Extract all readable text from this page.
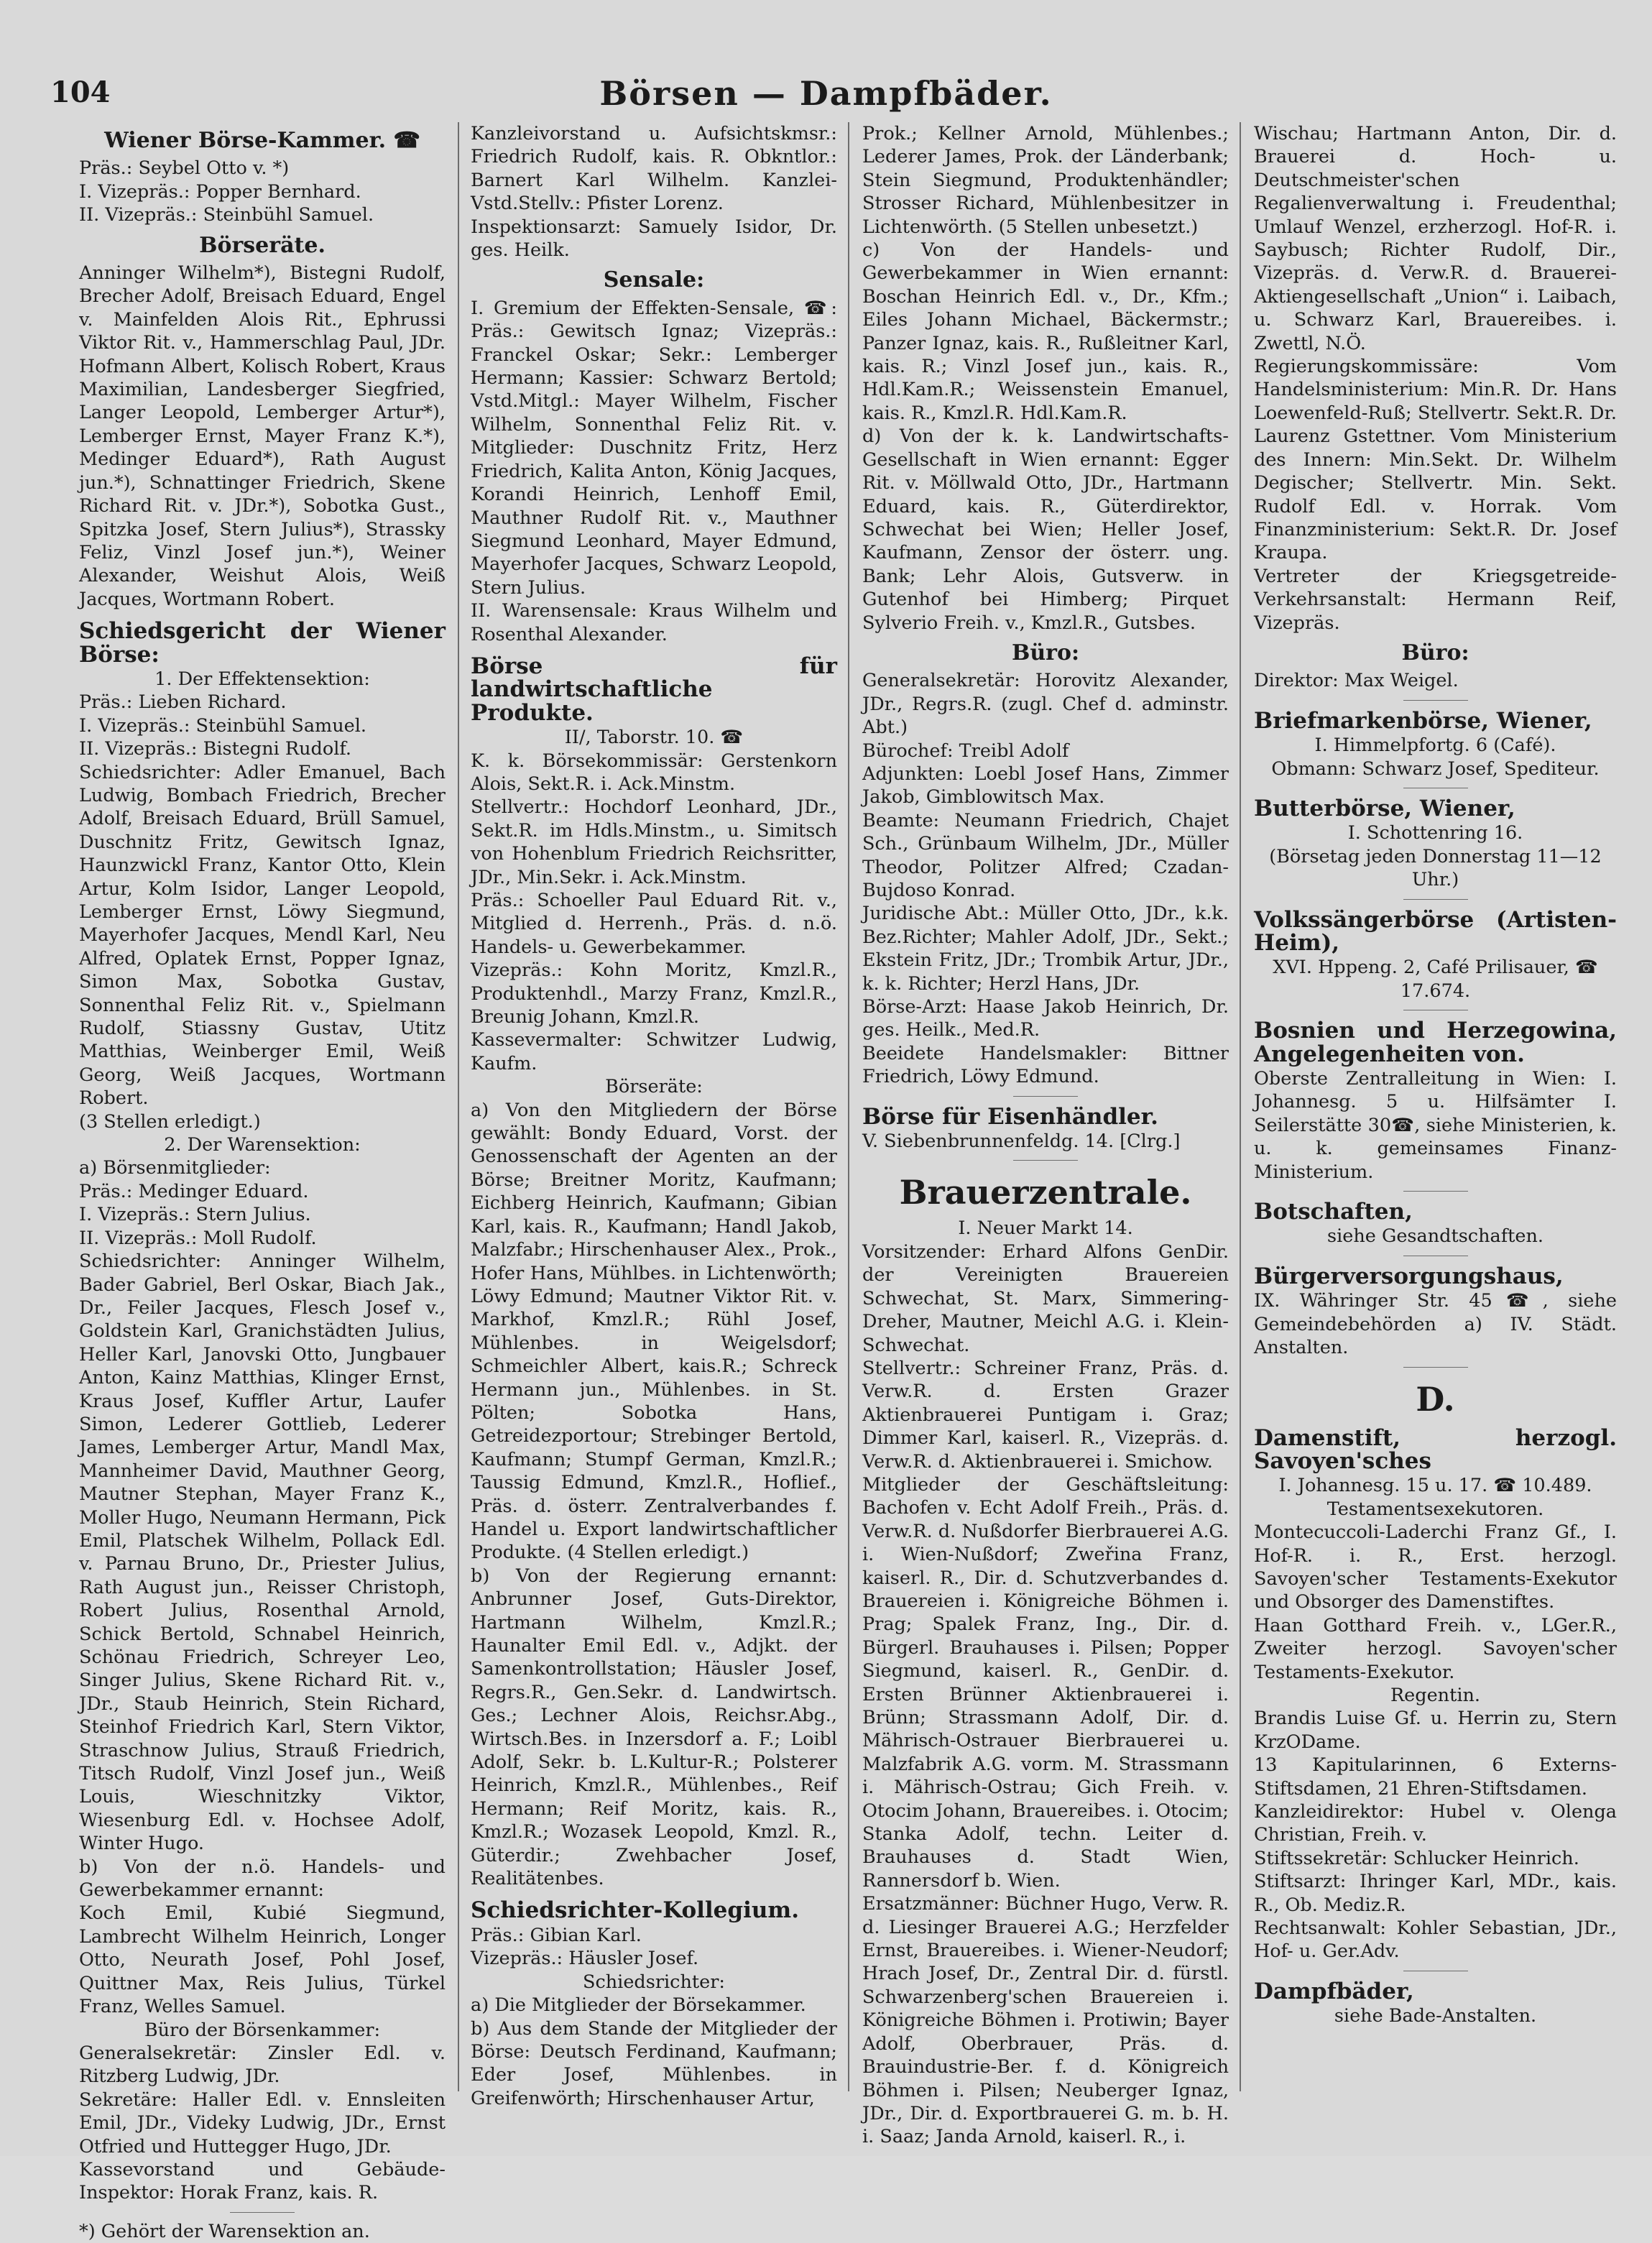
104	Börsen — Dampfbäder.

Wiener Börse-Kammer. ☎

Präs.: Seybel Otto v. *)

I. Vizepräs.: Popper Bernhard.

II. Vizepräs.: Steinbühl Samuel.

Börseräte.

Anninger Wilhelm*), Bistegni Rudolf, Brecher Adolf, Breisach Eduard, Engel v. Mainfelden Alois Rit., Ephrussi Viktor Rit. v., Hammerschlag Paul, JDr. Hofmann Albert, Kolisch Robert, Kraus Maximilian, Landesberger Siegfried, Langer Leopold, Lemberger Artur*), Lemberger Ernst, Mayer Franz K.*), Medinger Eduard*), Rath August jun.*), Schnattinger Friedrich, Skene Richard Rit. v. JDr.*), Sobotka Gust., Spitzka Josef, Stern Julius*), Strassky Feliz, Vinzl Josef jun.*), Weiner Alexander, Weishut Alois, Weiß Jacques, Wortmann Robert.

Schiedsgericht der Wiener Börse:

1. Der Effektensektion:

Präs.: Lieben Richard.

I. Vizepräs.: Steinbühl Samuel.

II. Vizepräs.: Bistegni Rudolf.

Schiedsrichter: Adler Emanuel, Bach Ludwig, Bombach Friedrich, Brecher Adolf, Breisach Eduard, Brüll Samuel, Duschnitz Fritz, Gewitsch Ignaz, Haunzwickl Franz, Kantor Otto, Klein Artur, Kolm Isidor, Langer Leopold, Lemberger Ernst, Löwy Siegmund, Mayerhofer Jacques, Mendl Karl, Neu Alfred, Oplatek Ernst, Popper Ignaz, Simon Max, Sobotka Gustav, Sonnenthal Feliz Rit. v., Spielmann Rudolf, Stiassny Gustav, Utitz Matthias, Weinberger Emil, Weiß Georg, Weiß Jacques, Wortmann Robert.

(3 Stellen erledigt.)

2. Der Warensektion:

a) Börsenmitglieder:

Präs.: Medinger Eduard.

I. Vizepräs.: Stern Julius.

II. Vizepräs.: Moll Rudolf.

Schiedsrichter: Anninger Wilhelm, Bader Gabriel, Berl Oskar, Biach Jak., Dr., Feiler Jacques, Flesch Josef v., Goldstein Karl, Granichstädten Julius, Heller Karl, Janovski Otto, Jungbauer Anton, Kainz Matthias, Klinger Ernst, Kraus Josef, Kuffler Artur, Laufer Simon, Lederer Gottlieb, Lederer James, Lemberger Artur, Mandl Max, Mannheimer David, Mauthner Georg, Mautner Stephan, Mayer Franz K., Moller Hugo, Neumann Hermann, Pick Emil, Platschek Wilhelm, Pollack Edl. v. Parnau Bruno, Dr., Priester Julius, Rath August jun., Reisser Christoph, Robert Julius, Rosenthal Arnold, Schick Bertold, Schnabel Heinrich, Schönau Friedrich, Schreyer Leo, Singer Julius, Skene Richard Rit. v., JDr., Staub Heinrich, Stein Richard, Steinhof Friedrich Karl, Stern Viktor, Straschnow Julius, Strauß Friedrich, Titsch Rudolf, Vinzl Josef jun., Weiß Louis, Wieschnitzky Viktor, Wiesenburg Edl. v. Hochsee Adolf, Winter Hugo.

b) Von der n.ö. Handels- und Gewerbekammer ernannt:

Koch Emil, Kubié Siegmund, Lambrecht Wilhelm Heinrich, Longer Otto, Neurath Josef, Pohl Josef, Quittner Max, Reis Julius, Türkel Franz, Welles Samuel.

Büro der Börsenkammer:

Generalsekretär: Zinsler Edl. v. Ritzberg Ludwig, JDr.

Sekretäre: Haller Edl. v. Ennsleiten Emil, JDr., Videky Ludwig, JDr., Ernst Otfried und Huttegger Hugo, JDr.

Kassevorstand und Gebäude-Inspektor: Horak Franz, kais. R.

*) Gehört der Warensektion an.

Kanzleivorstand u. Aufsichtskmsr.: Friedrich Rudolf, kais. R. Obkntlor.: Barnert Karl Wilhelm. Kanzlei-Vstd.Stellv.: Pfister Lorenz.

Inspektionsarzt: Samuely Isidor, Dr. ges. Heilk.

Sensale:

I. Gremium der Effekten-Sensale, ☎: Präs.: Gewitsch Ignaz; Vizepräs.: Franckel Oskar; Sekr.: Lemberger Hermann; Kassier: Schwarz Bertold; Vstd.Mitgl.: Mayer Wilhelm, Fischer Wilhelm, Sonnenthal Feliz Rit. v. Mitglieder: Duschnitz Fritz, Herz Friedrich, Kalita Anton, König Jacques, Korandi Heinrich, Lenhoff Emil, Mauthner Rudolf Rit. v., Mauthner Siegmund Leonhard, Mayer Edmund, Mayerhofer Jacques, Schwarz Leopold, Stern Julius.

II. Warensensale: Kraus Wilhelm und Rosenthal Alexander.

Börse für landwirtschaftliche Produkte.

II/, Taborstr. 10. ☎

K. k. Börsekommissär: Gerstenkorn Alois, Sekt.R. i. Ack.Minstm.

Stellvertr.: Hochdorf Leonhard, JDr., Sekt.R. im Hdls.Minstm., u. Simitsch von Hohenblum Friedrich Reichsritter, JDr., Min.Sekr. i. Ack.Minstm.

Präs.: Schoeller Paul Eduard Rit. v., Mitglied d. Herrenh., Präs. d. n.ö. Handels- u. Gewerbekammer.

Vizepräs.: Kohn Moritz, Kmzl.R., Produktenhdl., Marzy Franz, Kmzl.R., Breunig Johann, Kmzl.R.

Kassevermalter: Schwitzer Ludwig, Kaufm.

Börseräte:

a) Von den Mitgliedern der Börse gewählt: Bondy Eduard, Vorst. der Genossenschaft der Agenten an der Börse; Breitner Moritz, Kaufmann; Eichberg Heinrich, Kaufmann; Gibian Karl, kais. R., Kaufmann; Handl Jakob, Malzfabr.; Hirschenhauser Alex., Prok., Hofer Hans, Mühlbes. in Lichtenwörth; Löwy Edmund; Mautner Viktor Rit. v. Markhof, Kmzl.R.; Rühl Josef, Mühlenbes. in Weigelsdorf; Schmeichler Albert, kais.R.; Schreck Hermann jun., Mühlenbes. in St. Pölten; Sobotka Hans, Getreidezportour; Strebinger Bertold, Kaufmann; Stumpf German, Kmzl.R.; Taussig Edmund, Kmzl.R., Hoflief., Präs. d. österr. Zentralverbandes f. Handel u. Export landwirtschaftlicher Produkte. (4 Stellen erledigt.)

b) Von der Regierung ernannt: Anbrunner Josef, Guts-Direktor, Hartmann Wilhelm, Kmzl.R.; Haunalter Emil Edl. v., Adjkt. der Samenkontrollstation; Häusler Josef, Regrs.R., Gen.Sekr. d. Landwirtsch. Ges.; Lechner Alois, Reichsr.Abg., Wirtsch.Bes. in Inzersdorf a. F.; Loibl Adolf, Sekr. b. L.Kultur-R.; Polsterer Heinrich, Kmzl.R., Mühlenbes., Reif Hermann; Reif Moritz, kais. R., Kmzl.R.; Wozasek Leopold, Kmzl. R., Güterdir.; Zwehbacher Josef, Realitätenbes.

Schiedsrichter-Kollegium.

Präs.: Gibian Karl.

Vizepräs.: Häusler Josef.

Schiedsrichter:

a) Die Mitglieder der Börsekammer.

b) Aus dem Stande der Mitglieder der Börse: Deutsch Ferdinand, Kaufmann; Eder Josef, Mühlenbes. in Greifenwörth; Hirschenhauser Artur,

Prok.; Kellner Arnold, Mühlenbes.; Lederer James, Prok. der Länderbank; Stein Siegmund, Produktenhändler; Strosser Richard, Mühlenbesitzer in Lichtenwörth. (5 Stellen unbesetzt.)

c) Von der Handels- und Gewerbekammer in Wien ernannt: Boschan Heinrich Edl. v., Dr., Kfm.; Eiles Johann Michael, Bäckermstr.; Panzer Ignaz, kais. R., Rußleitner Karl, kais. R.; Vinzl Josef jun., kais. R., Hdl.Kam.R.; Weissenstein Emanuel, kais. R., Kmzl.R. Hdl.Kam.R.

d) Von der k. k. Landwirtschafts-Gesellschaft in Wien ernannt: Egger Rit. v. Möllwald Otto, JDr., Hartmann Eduard, kais. R., Güterdirektor, Schwechat bei Wien; Heller Josef, Kaufmann, Zensor der österr. ung. Bank; Lehr Alois, Gutsverw. in Gutenhof bei Himberg; Pirquet Sylverio Freih. v., Kmzl.R., Gutsbes.

Büro:

Generalsekretär: Horovitz Alexander, JDr., Regrs.R. (zugl. Chef d. adminstr. Abt.)

Bürochef: Treibl Adolf

Adjunkten: Loebl Josef Hans, Zimmer Jakob, Gimblowitsch Max.

Beamte: Neumann Friedrich, Chajet Sch., Grünbaum Wilhelm, JDr., Müller Theodor, Politzer Alfred; Czadan-Bujdoso Konrad.

Juridische Abt.: Müller Otto, JDr., k.k. Bez.Richter; Mahler Adolf, JDr., Sekt.; Ekstein Fritz, JDr.; Trombik Artur, JDr., k. k. Richter; Herzl Hans, JDr.

Börse-Arzt: Haase Jakob Heinrich, Dr. ges. Heilk., Med.R.

Beeidete Handelsmakler: Bittner Friedrich, Löwy Edmund.

Börse für Eisenhändler.

V. Siebenbrunnenfeldg. 14. [Clrg.]

Brauerzentrale.

I. Neuer Markt 14.

Vorsitzender: Erhard Alfons GenDir. der Vereinigten Brauereien Schwechat, St. Marx, Simmering-Dreher, Mautner, Meichl A.G. i. Klein-Schwechat.

Stellvertr.: Schreiner Franz, Präs. d. Verw.R. d. Ersten Grazer Aktienbrauerei Puntigam i. Graz; Dimmer Karl, kaiserl. R., Vizepräs. d. Verw.R. d. Aktienbrauerei i. Smichow.

Mitglieder der Geschäftsleitung: Bachofen v. Echt Adolf Freih., Präs. d. Verw.R. d. Nußdorfer Bierbrauerei A.G. i. Wien-Nußdorf; Zweřina Franz, kaiserl. R., Dir. d. Schutzverbandes d. Brauereien i. Königreiche Böhmen i. Prag; Spalek Franz, Ing., Dir. d. Bürgerl. Brauhauses i. Pilsen; Popper Siegmund, kaiserl. R., GenDir. d. Ersten Brünner Aktienbrauerei i. Brünn; Strassmann Adolf, Dir. d. Mährisch-Ostrauer Bierbrauerei u. Malzfabrik A.G. vorm. M. Strassmann i. Mährisch-Ostrau; Gich Freih. v. Otocim Johann, Brauereibes. i. Otocim; Stanka Adolf, techn. Leiter d. Brauhauses d. Stadt Wien, Rannersdorf b. Wien.

Ersatzmänner: Büchner Hugo, Verw. R. d. Liesinger Brauerei A.G.; Herzfelder Ernst, Brauereibes. i. Wiener-Neudorf; Hrach Josef, Dr., Zentral Dir. d. fürstl. Schwarzenberg'schen Brauereien i. Königreiche Böhmen i. Protiwin; Bayer Adolf, Oberbrauer, Präs. d. Brauindustrie-Ber. f. d. Königreich Böhmen i. Pilsen; Neuberger Ignaz, JDr., Dir. d. Exportbrauerei G. m. b. H. i. Saaz; Janda Arnold, kaiserl. R., i.

Wischau; Hartmann Anton, Dir. d. Brauerei d. Hoch- u. Deutschmeister'schen Regalienverwaltung i. Freudenthal; Umlauf Wenzel, erzherzogl. Hof-R. i. Saybusch; Richter Rudolf, Dir., Vizepräs. d. Verw.R. d. Brauerei-Aktiengesellschaft „Union“ i. Laibach, u. Schwarz Karl, Brauereibes. i. Zwettl, N.Ö.

Regierungskommissäre: Vom Handelsministerium: Min.R. Dr. Hans Loewenfeld-Ruß; Stellvertr. Sekt.R. Dr. Laurenz Gstettner. Vom Ministerium des Innern: Min.Sekt. Dr. Wilhelm Degischer; Stellvertr. Min. Sekt. Rudolf Edl. v. Horrak. Vom Finanzministerium: Sekt.R. Dr. Josef Kraupa.

Vertreter der Kriegsgetreide-Verkehrsanstalt: Hermann Reif, Vizepräs.

Büro:

Direktor: Max Weigel.

Briefmarkenbörse, Wiener,

I. Himmelpfortg. 6 (Café).

Obmann: Schwarz Josef, Spediteur.

Butterbörse, Wiener,

I. Schottenring 16.

(Börsetag jeden Donnerstag 11—12 Uhr.)

Volkssängerbörse (Artisten-Heim),

XVI. Hppeng. 2, Café Prilisauer, ☎ 17.674.

Bosnien und Herzegowina, Angelegenheiten von.

Oberste Zentralleitung in Wien: I. Johannesg. 5 u. Hilfsämter I. Seilerstätte 30☎, siehe Ministerien, k. u. k. gemeinsames Finanz-Ministerium.

Botschaften,

siehe Gesandtschaften.

Bürgerversorgungshaus,

IX. Währinger Str. 45☎, siehe Gemeindebehörden a) IV. Städt. Anstalten.

D.

Damenstift, herzogl. Savoyen'sches

I. Johannesg. 15 u. 17. ☎ 10.489.

Testamentsexekutoren.

Montecuccoli-Laderchi Franz Gf., I. Hof-R. i. R., Erst. herzogl. Savoyen'scher Testaments-Exekutor und Obsorger des Damenstiftes.

Haan Gotthard Freih. v., LGer.R., Zweiter herzogl. Savoyen'scher Testaments-Exekutor.

Regentin.

Brandis Luise Gf. u. Herrin zu, Stern KrzODame.

13 Kapitularinnen, 6 Externs-Stiftsdamen, 21 Ehren-Stiftsdamen.

Kanzleidirektor: Hubel v. Olenga Christian, Freih. v.

Stiftssekretär: Schlucker Heinrich.

Stiftsarzt: Ihringer Karl, MDr., kais. R., Ob. Mediz.R.

Rechtsanwalt: Kohler Sebastian, JDr., Hof- u. Ger.Adv.

Dampfbäder,

siehe Bade-Anstalten.
